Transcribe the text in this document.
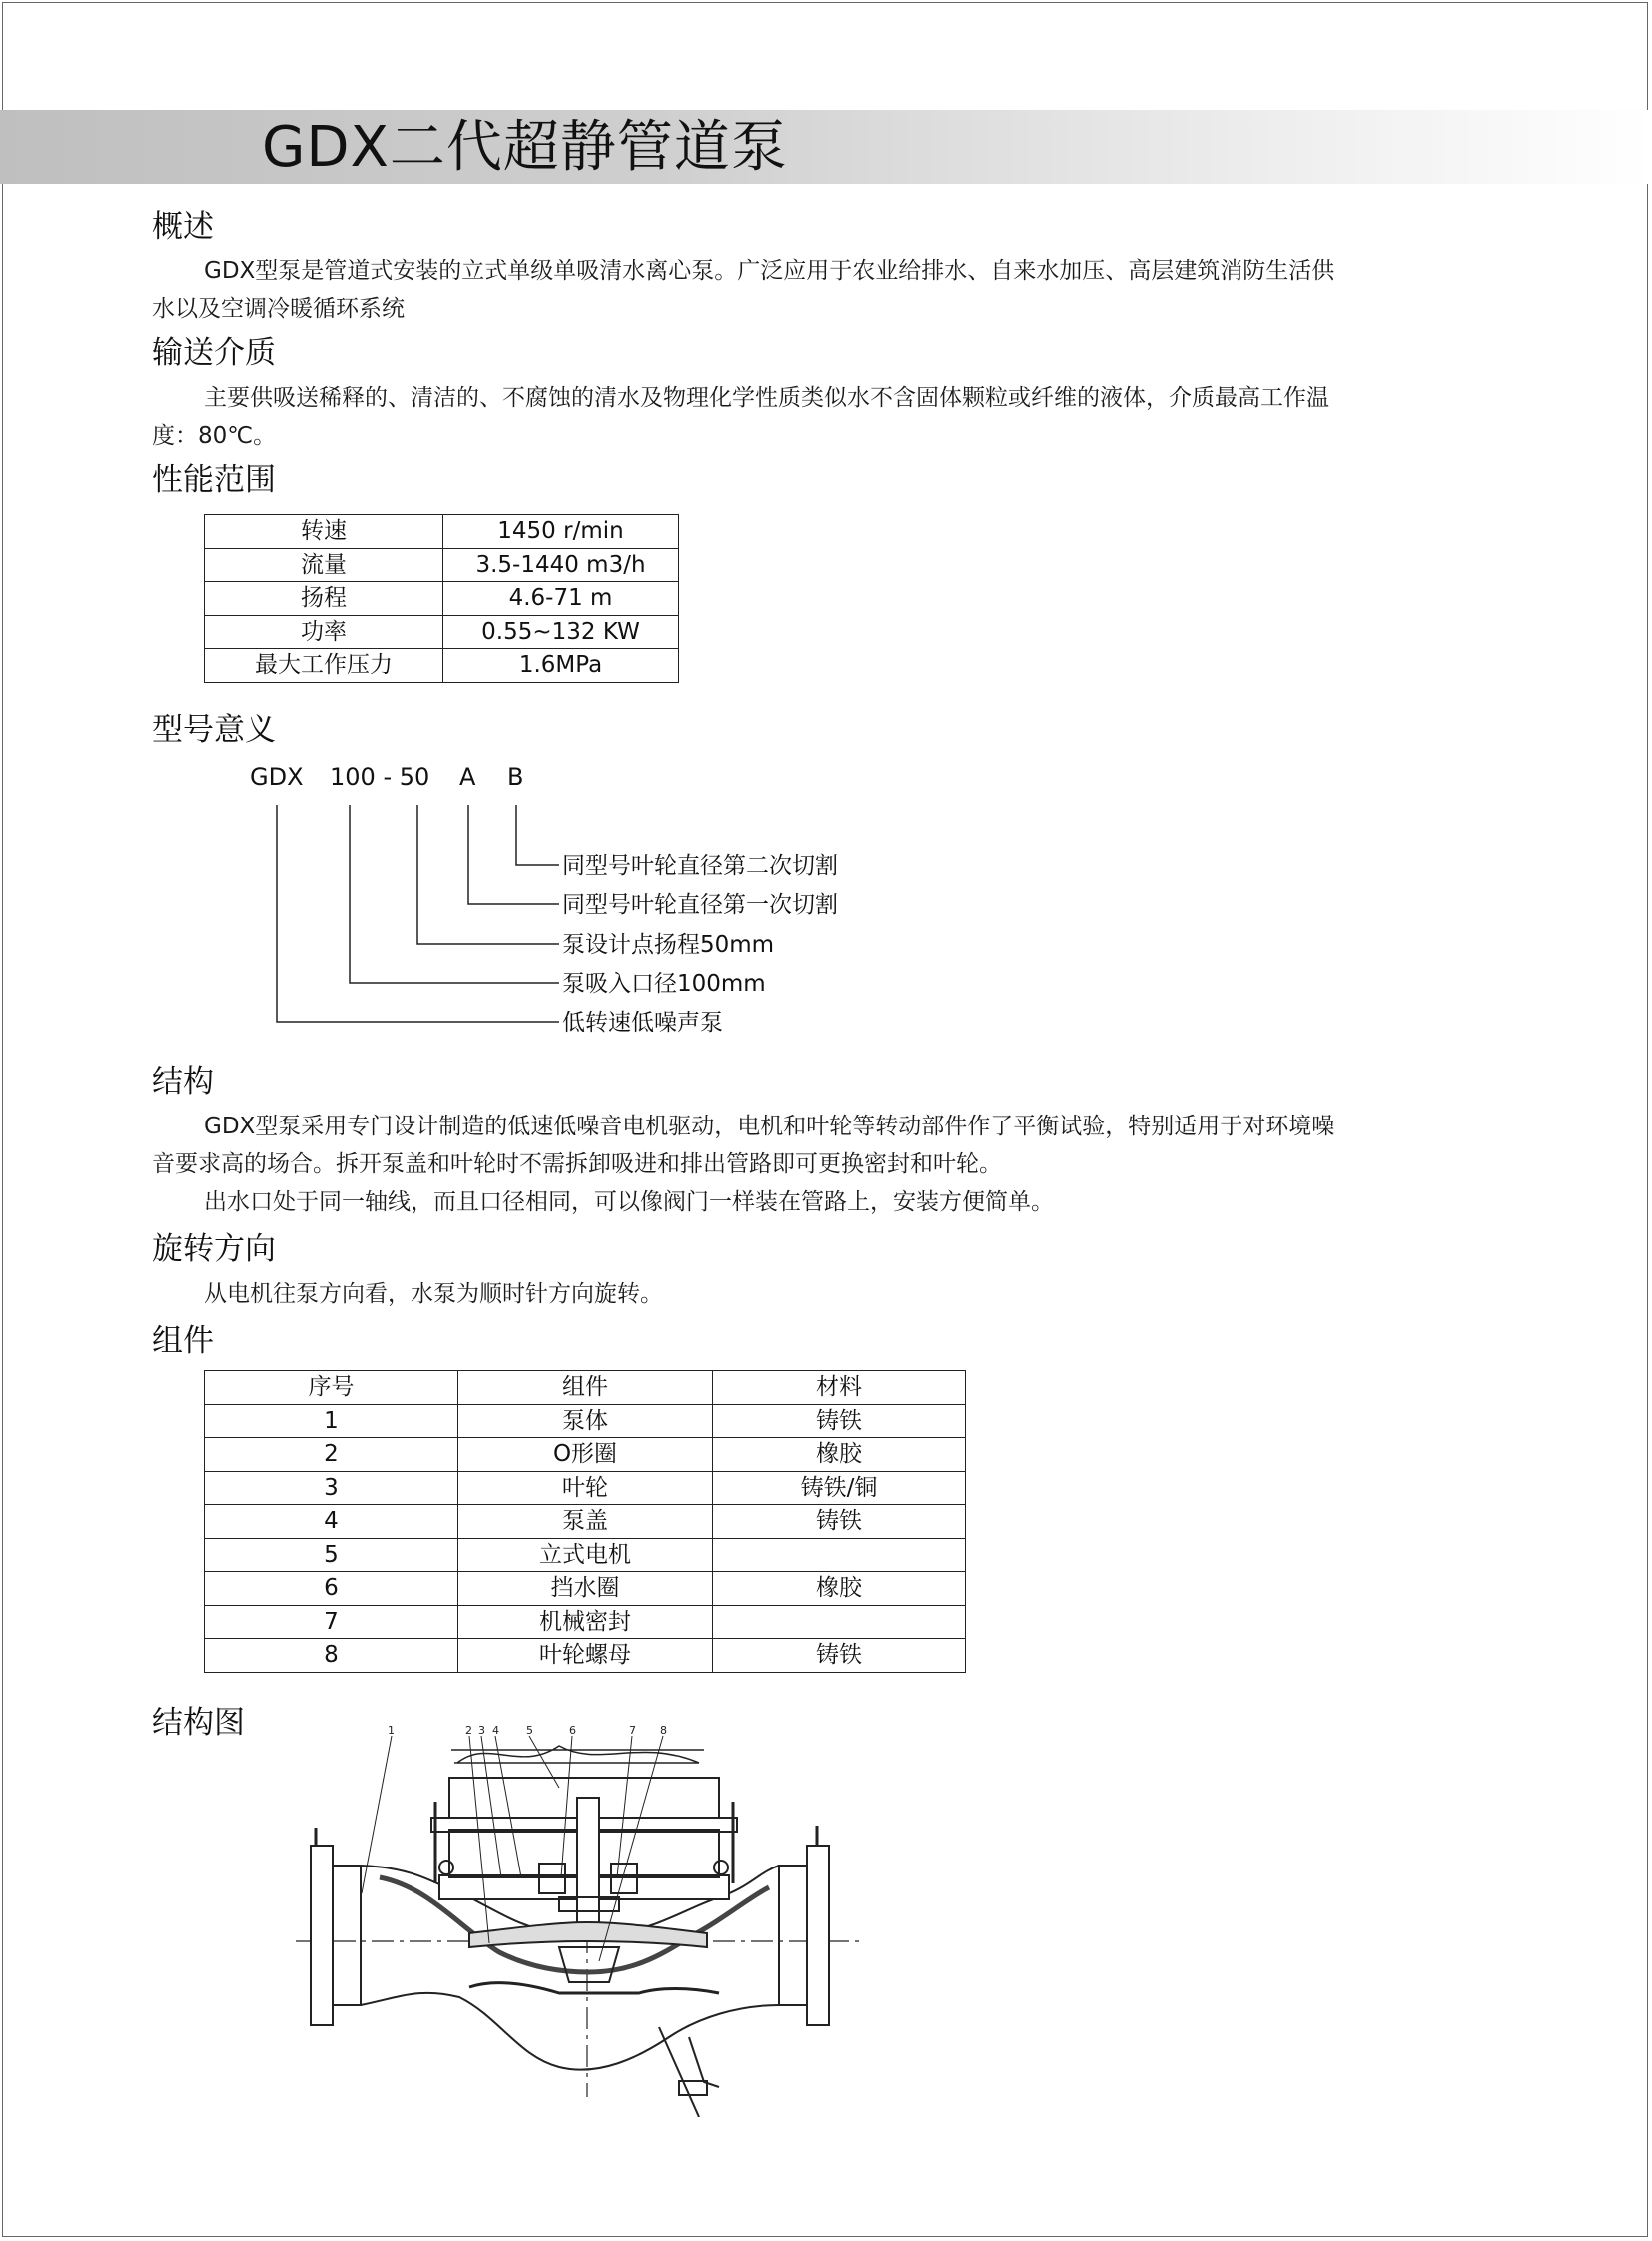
GDX二代超静管道泵
概述

GDX型泵是管道式安装的立式单级单吸清水离心泵。广泛应用于农业给排水、自来水加压、高层建筑消防生活供

水以及空调冷暖循环系统

输送介质

主要供吸送稀释的、清洁的、不腐蚀的清水及物理化学性质类似水不含固体颗粒或纤维的液体，介质最高工作温

度：80℃。

性能范围
转速	1450 r/min
流量	3.5-1440 m3/h
扬程	4.6-71 m
功率	0.55~132 KW
最大工作压力	1.6MPa
型号意义
GDX 100 - 50 A B
同型号叶轮直径第二次切割
同型号叶轮直径第一次切割
泵设计点扬程50mm
泵吸入口径100mm
低转速低噪声泵
结构

GDX型泵采用专门设计制造的低速低噪音电机驱动，电机和叶轮等转动部件作了平衡试验，特别适用于对环境噪

音要求高的场合。拆开泵盖和叶轮时不需拆卸吸进和排出管路即可更换密封和叶轮。

出水口处于同一轴线，而且口径相同，可以像阀门一样装在管路上，安装方便简单。

旋转方向

从电机往泵方向看，水泵为顺时针方向旋转。

组件
序号	组件	材料
1	泵体	铸铁
2	O形圈	橡胶
3	叶轮	铸铁/铜
4	泵盖	铸铁
5	立式电机	
6	挡水圈	橡胶
7	机械密封	
8	叶轮螺母	铸铁
结构图	1	2 3 4 5	6	7 8
